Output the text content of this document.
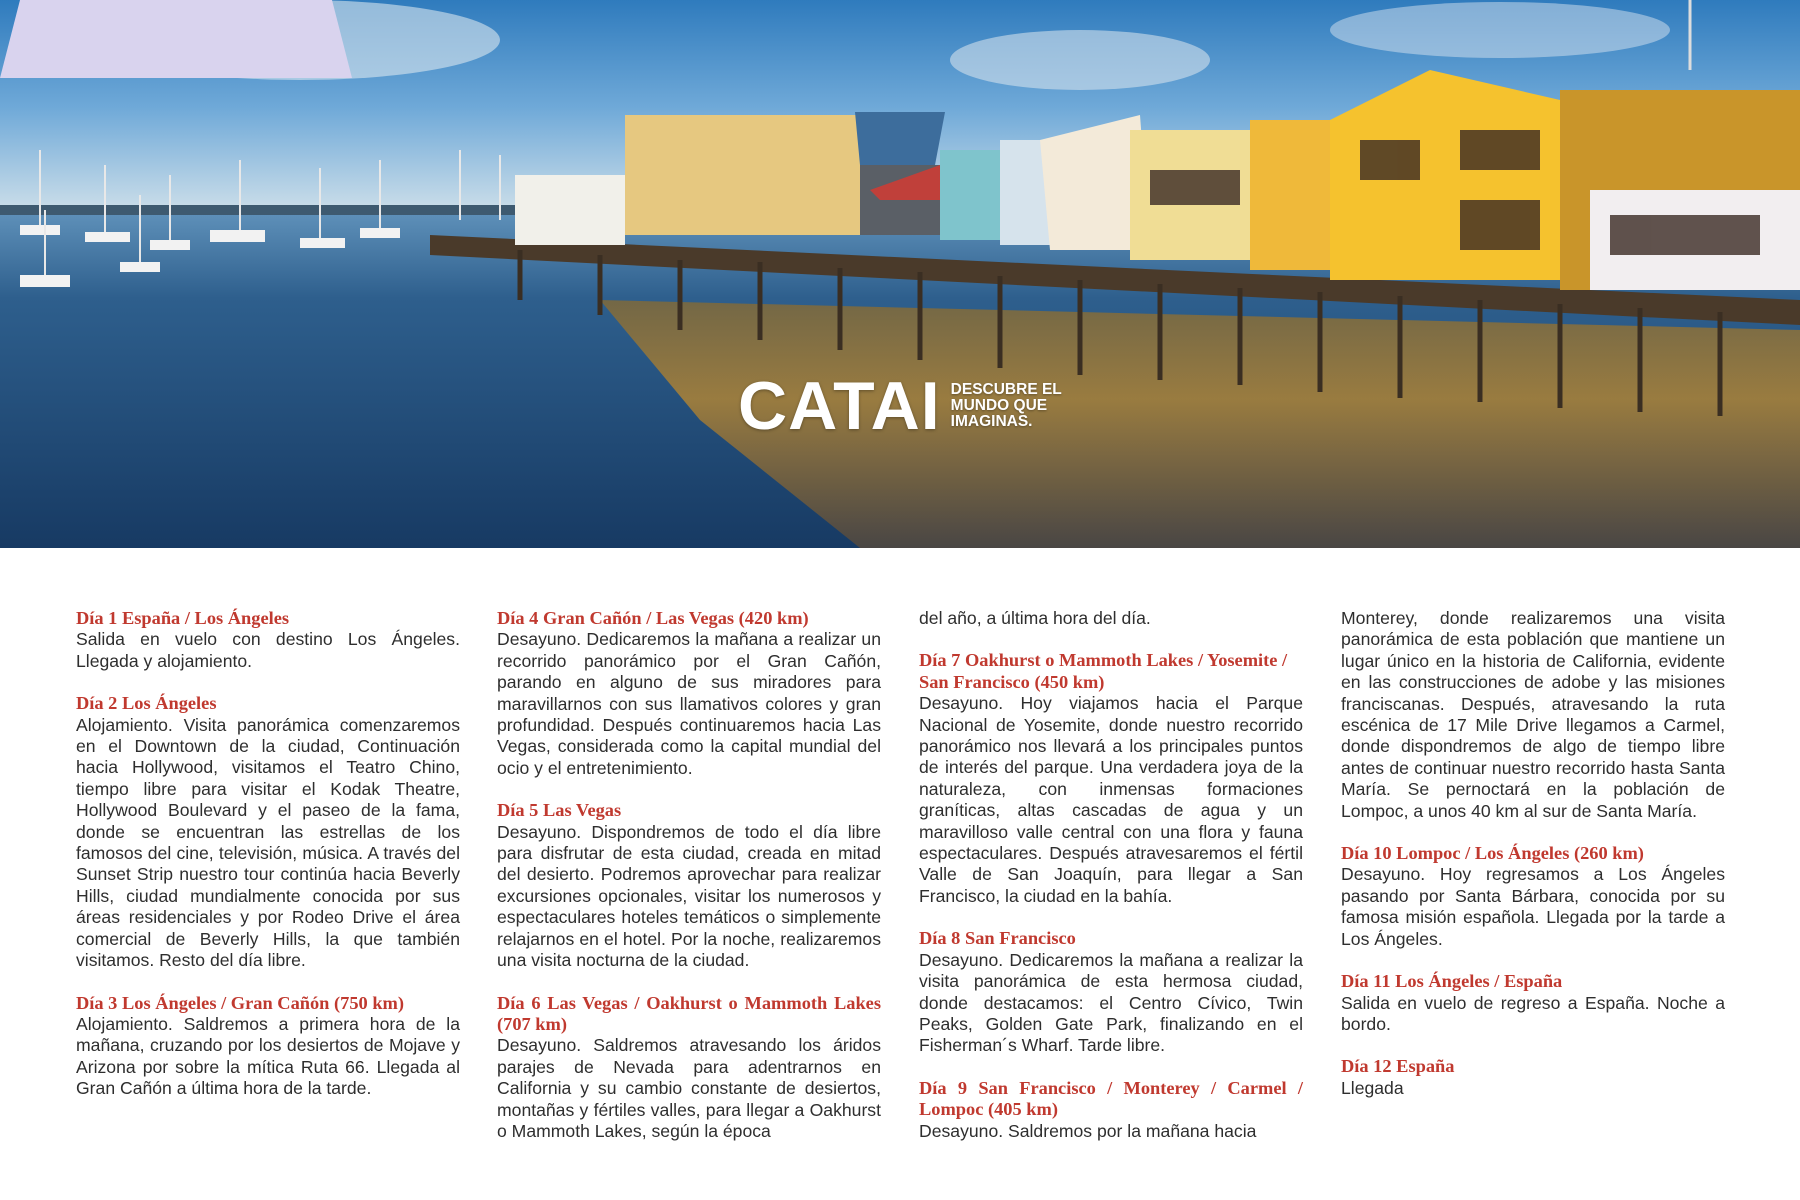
CATAI DESCUBRE EL
MUNDO QUE
IMAGINAS.
Día 1 España / Los Ángeles
Salida en vuelo con destino Los Ángeles. Llegada y alojamiento.
Día 2 Los Ángeles
Alojamiento. Visita panorámica comenzaremos en el Downtown de la ciudad, Continuación hacia Hollywood, visitamos el Teatro Chino, tiempo libre para visitar el Kodak Theatre, Hollywood Boulevard y el paseo de la fama, donde se encuentran las estrellas de los famosos del cine, televisión, música. A través del Sunset Strip nuestro tour continúa hacia Beverly Hills, ciudad mundialmente conocida por sus áreas residenciales y por Rodeo Drive el área comercial de Beverly Hills, la que también visitamos. Resto del día libre.
Día 3 Los Ángeles / Gran Cañón (750 km)
Alojamiento. Saldremos a primera hora de la mañana, cruzando por los desiertos de Mojave y Arizona por sobre la mítica Ruta 66. Llegada al Gran Cañón a última hora de la tarde.
Día 4 Gran Cañón / Las Vegas (420 km)
Desayuno. Dedicaremos la mañana a realizar un recorrido panorámico por el Gran Cañón, parando en alguno de sus miradores para maravillarnos con sus llamativos colores y gran profundidad. Después continuaremos hacia Las Vegas, considerada como la capital mundial del ocio y el entretenimiento.
Día 5 Las Vegas
Desayuno. Dispondremos de todo el día libre para disfrutar de esta ciudad, creada en mitad del desierto. Podremos aprovechar para realizar excursiones opcionales, visitar los numerosos y espectaculares hoteles temáticos o simplemente relajarnos en el hotel. Por la noche, realizaremos una visita nocturna de la ciudad.
Día 6 Las Vegas / Oakhurst o Mammoth Lakes (707 km)
Desayuno. Saldremos atravesando los áridos parajes de Nevada para adentrarnos en California y su cambio constante de desiertos, montañas y fértiles valles, para llegar a Oakhurst o Mammoth Lakes, según la época
del año, a última hora del día.
Día 7 Oakhurst o Mammoth Lakes / Yosemite / San Francisco (450 km)
Desayuno. Hoy viajamos hacia el Parque Nacional de Yosemite, donde nuestro recorrido panorámico nos llevará a los principales puntos de interés del parque. Una verdadera joya de la naturaleza, con inmensas formaciones graníticas, altas cascadas de agua y un maravilloso valle central con una flora y fauna espectaculares. Después atravesaremos el fértil Valle de San Joaquín, para llegar a San Francisco, la ciudad en la bahía.
Día 8 San Francisco
Desayuno. Dedicaremos la mañana a realizar la visita panorámica de esta hermosa ciudad, donde destacamos: el Centro Cívico, Twin Peaks, Golden Gate Park, finalizando en el Fisherman´s Wharf. Tarde libre.
Día 9 San Francisco / Monterey / Carmel / Lompoc (405 km)
Desayuno. Saldremos por la mañana hacia
Monterey, donde realizaremos una visita panorámica de esta población que mantiene un lugar único en la historia de California, evidente en las construcciones de adobe y las misiones franciscanas. Después, atravesando la ruta escénica de 17 Mile Drive llegamos a Carmel, donde dispondremos de algo de tiempo libre antes de continuar nuestro recorrido hasta Santa María. Se pernoctará en la población de Lompoc, a unos 40 km al sur de Santa María.
Día 10 Lompoc / Los Ángeles (260 km)
Desayuno. Hoy regresamos a Los Ángeles pasando por Santa Bárbara, conocida por su famosa misión española. Llegada por la tarde a Los Ángeles.
Día 11 Los Ángeles / España
Salida en vuelo de regreso a España. Noche a bordo.
Día 12 España
Llegada
